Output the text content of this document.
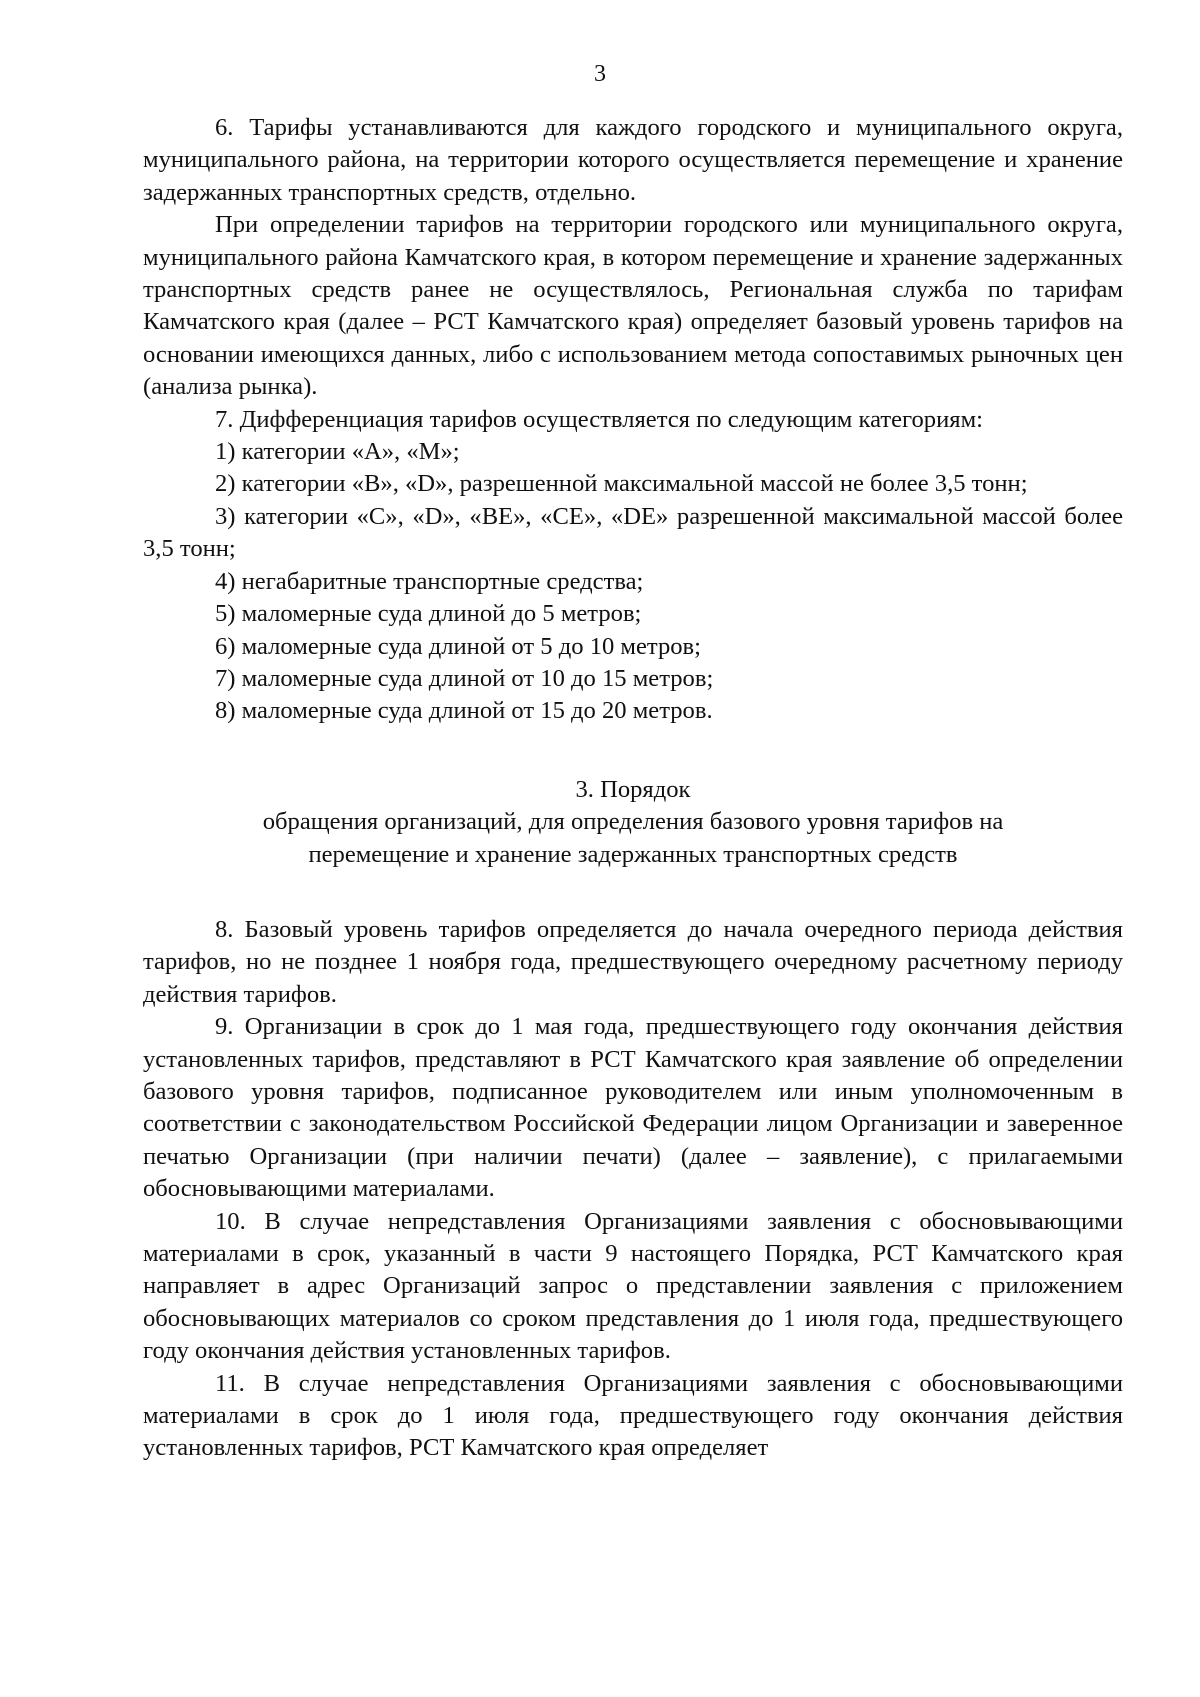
3

6. Тарифы устанавливаются для каждого городского и муниципального округа, муниципального района, на территории которого осуществляется перемещение и хранение задержанных транспортных средств, отдельно.

При определении тарифов на территории городского или муниципального округа, муниципального района Камчатского края, в котором перемещение и хранение задержанных транспортных средств ранее не осуществлялось, Региональная служба по тарифам Камчатского края (далее – РСТ Камчатского края) определяет базовый уровень тарифов на основании имеющихся данных, либо с использованием метода сопоставимых рыночных цен (анализа рынка).

7. Дифференциация тарифов осуществляется по следующим категориям:

1) категории «A», «M»;

2) категории «B», «D», разрешенной максимальной массой не более 3,5 тонн;

3) категории «C», «D», «BE», «CE», «DE» разрешенной максимальной массой более 3,5 тонн;

4) негабаритные транспортные средства;

5) маломерные суда длиной до 5 метров;

6) маломерные суда длиной от 5 до 10 метров;

7) маломерные суда длиной от 10 до 15 метров;

8) маломерные суда длиной от 15 до 20 метров.

3. Порядок
обращения организаций, для определения базового уровня тарифов на
перемещение и хранение задержанных транспортных средств

8. Базовый уровень тарифов определяется до начала очередного периода действия тарифов, но не позднее 1 ноября года, предшествующего очередному расчетному периоду действия тарифов.

9. Организации в срок до 1 мая года, предшествующего году окончания действия установленных тарифов, представляют в РСТ Камчатского края заявление об определении базового уровня тарифов, подписанное руководителем или иным уполномоченным в соответствии с законодательством Российской Федерации лицом Организации и заверенное печатью Организации (при наличии печати) (далее – заявление), с прилагаемыми обосновывающими материалами.

10. В случае непредставления Организациями заявления с обосновывающими материалами в срок, указанный в части 9 настоящего Порядка, РСТ Камчатского края направляет в адрес Организаций запрос о представлении заявления с приложением обосновывающих материалов со сроком представления до 1 июля года, предшествующего году окончания действия установленных тарифов.

11. В случае непредставления Организациями заявления с обосновывающими материалами в срок до 1 июля года, предшествующего году окончания действия установленных тарифов, РСТ Камчатского края определяет
